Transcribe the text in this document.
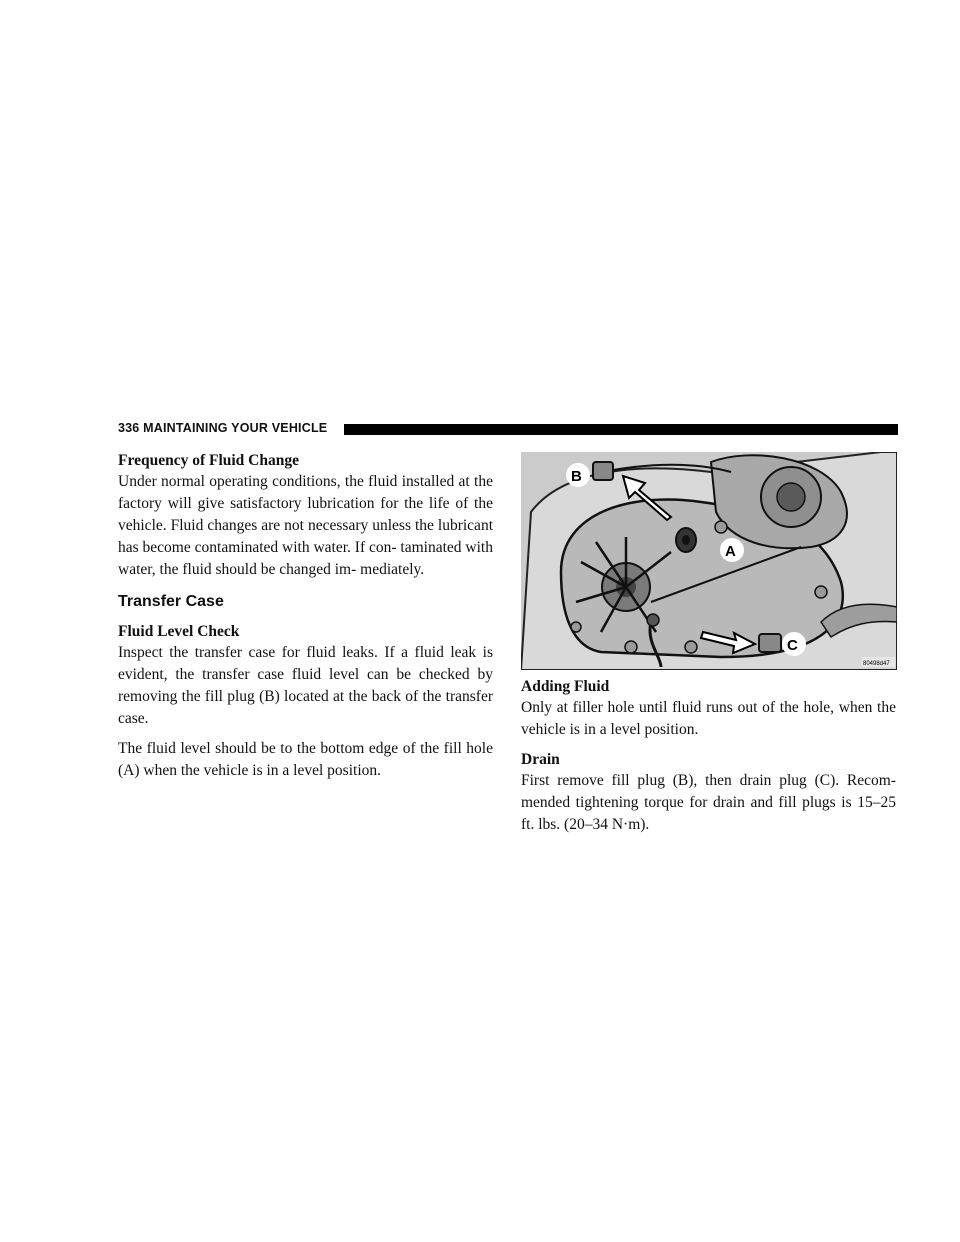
336 MAINTAINING YOUR VEHICLE
Frequency of Fluid Change

Under normal operating conditions, the fluid installed at the factory will give satisfactory lubrication for the life of the vehicle. Fluid changes are not necessary unless the lubricant has become contaminated with water. If con- taminated with water, the fluid should be changed im- mediately.

Transfer Case
Fluid Level Check

Inspect the transfer case for fluid leaks. If a fluid leak is evident, the transfer case fluid level can be checked by removing the fill plug (B) located at the back of the transfer case.

The fluid level should be to the bottom edge of the fill hole (A) when the vehicle is in a level position.

B
A
C
80498d47
Adding Fluid

Only at filler hole until fluid runs out of the hole, when the vehicle is in a level position.

Drain

First remove fill plug (B), then drain plug (C). Recom- mended tightening torque for drain and fill plugs is 15–25 ft. lbs. (20–34 N·m).
